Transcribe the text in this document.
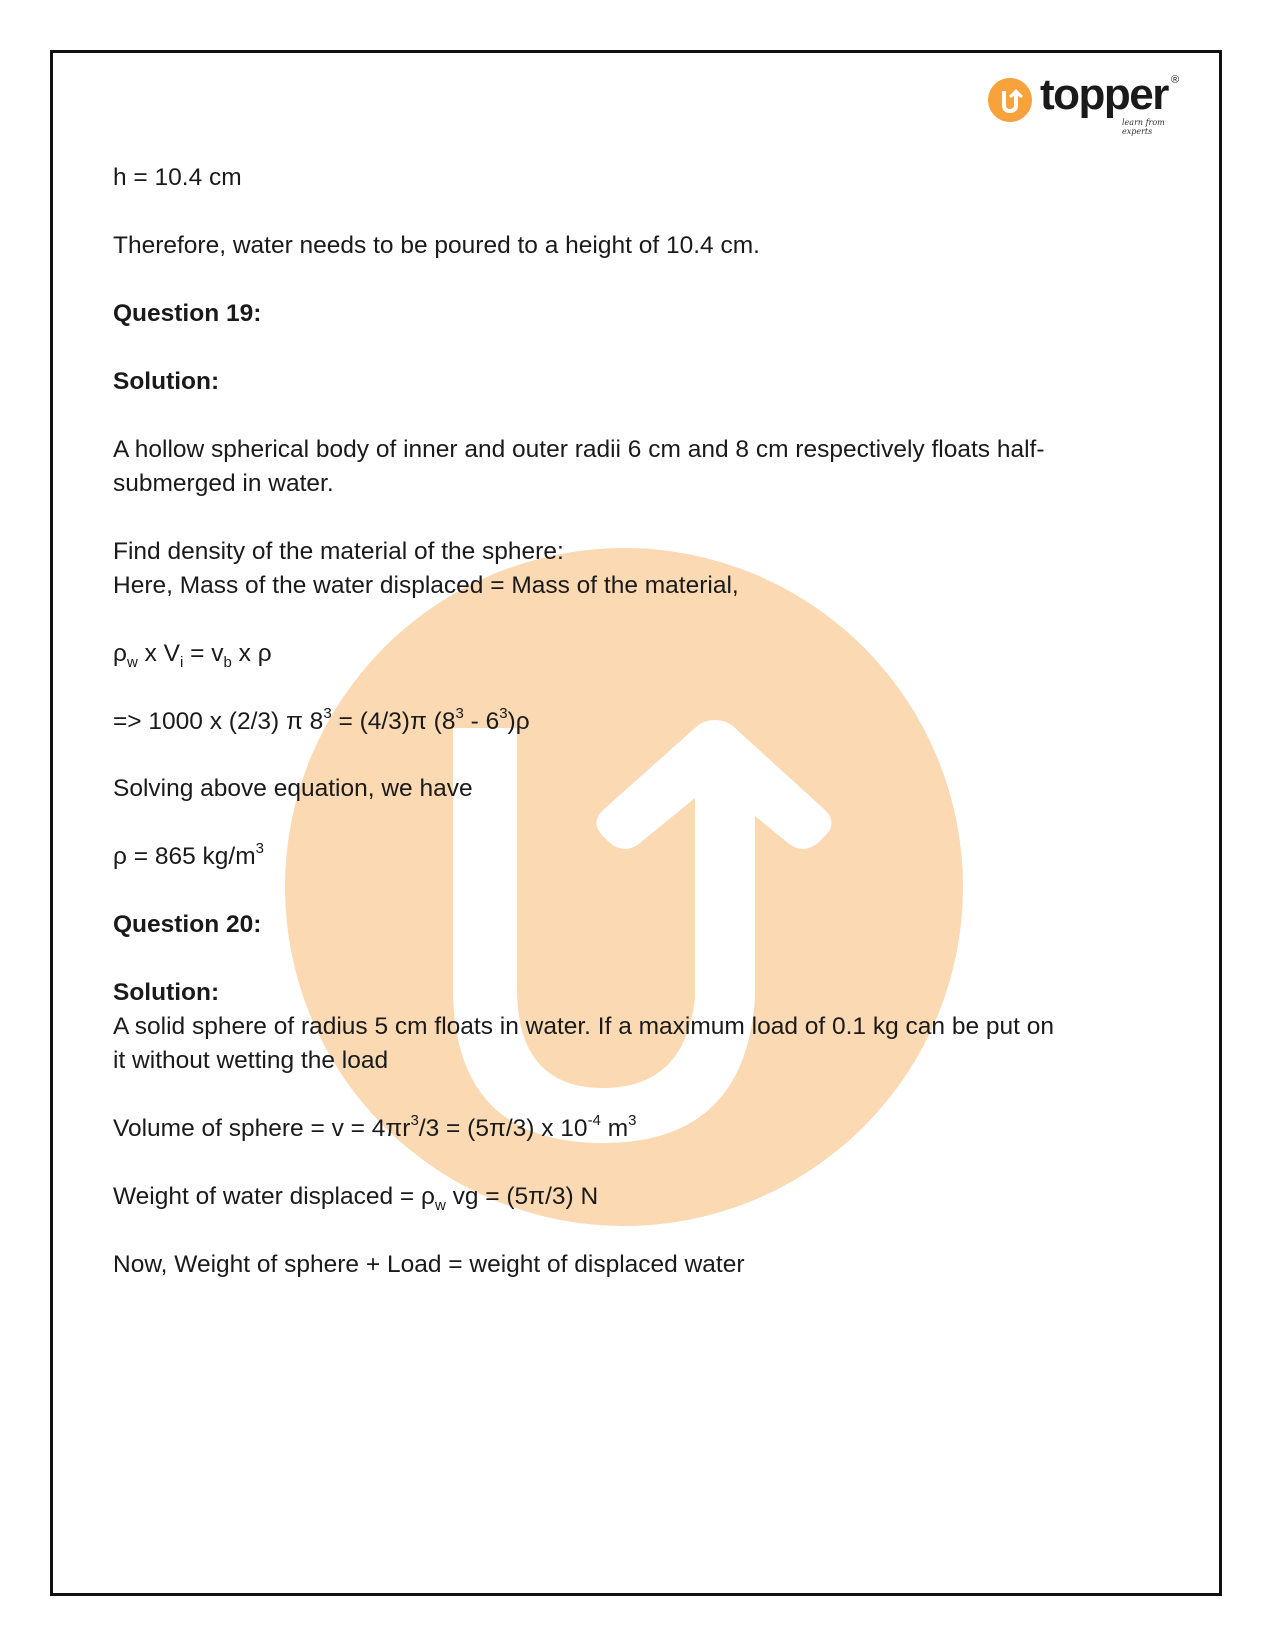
topper ®
learn from experts
h = 10.4 cm
Therefore, water needs to be poured to a height of 10.4 cm.
Question 19:
Solution:
A hollow spherical body of inner and outer radii 6 cm and 8 cm respectively floats half-
submerged in water.
Find density of the material of the sphere:
Here, Mass of the water displaced = Mass of the material,
$\rho_w$ x $V_i = v_b$ x ρ
=> 1000 x (2/3) π $8^3 = (4/3)\pi$ $(8^3 - 6^3)\rho$
Solving above equation, we have
ρ = 865 $kg/m^3$
Question 20:
Solution:
A solid sphere of radius 5 cm floats in water. If a maximum load of 0.1 kg can be put on
it without wetting the load
Volume of sphere = $v = 4\pi r^3/3 = (5\pi/3)$ x $10^{-4}$ $m^3$
Weight of water displaced = $\rho_w$ vg = (5π/3) N
Now, Weight of sphere + Load = weight of displaced water
